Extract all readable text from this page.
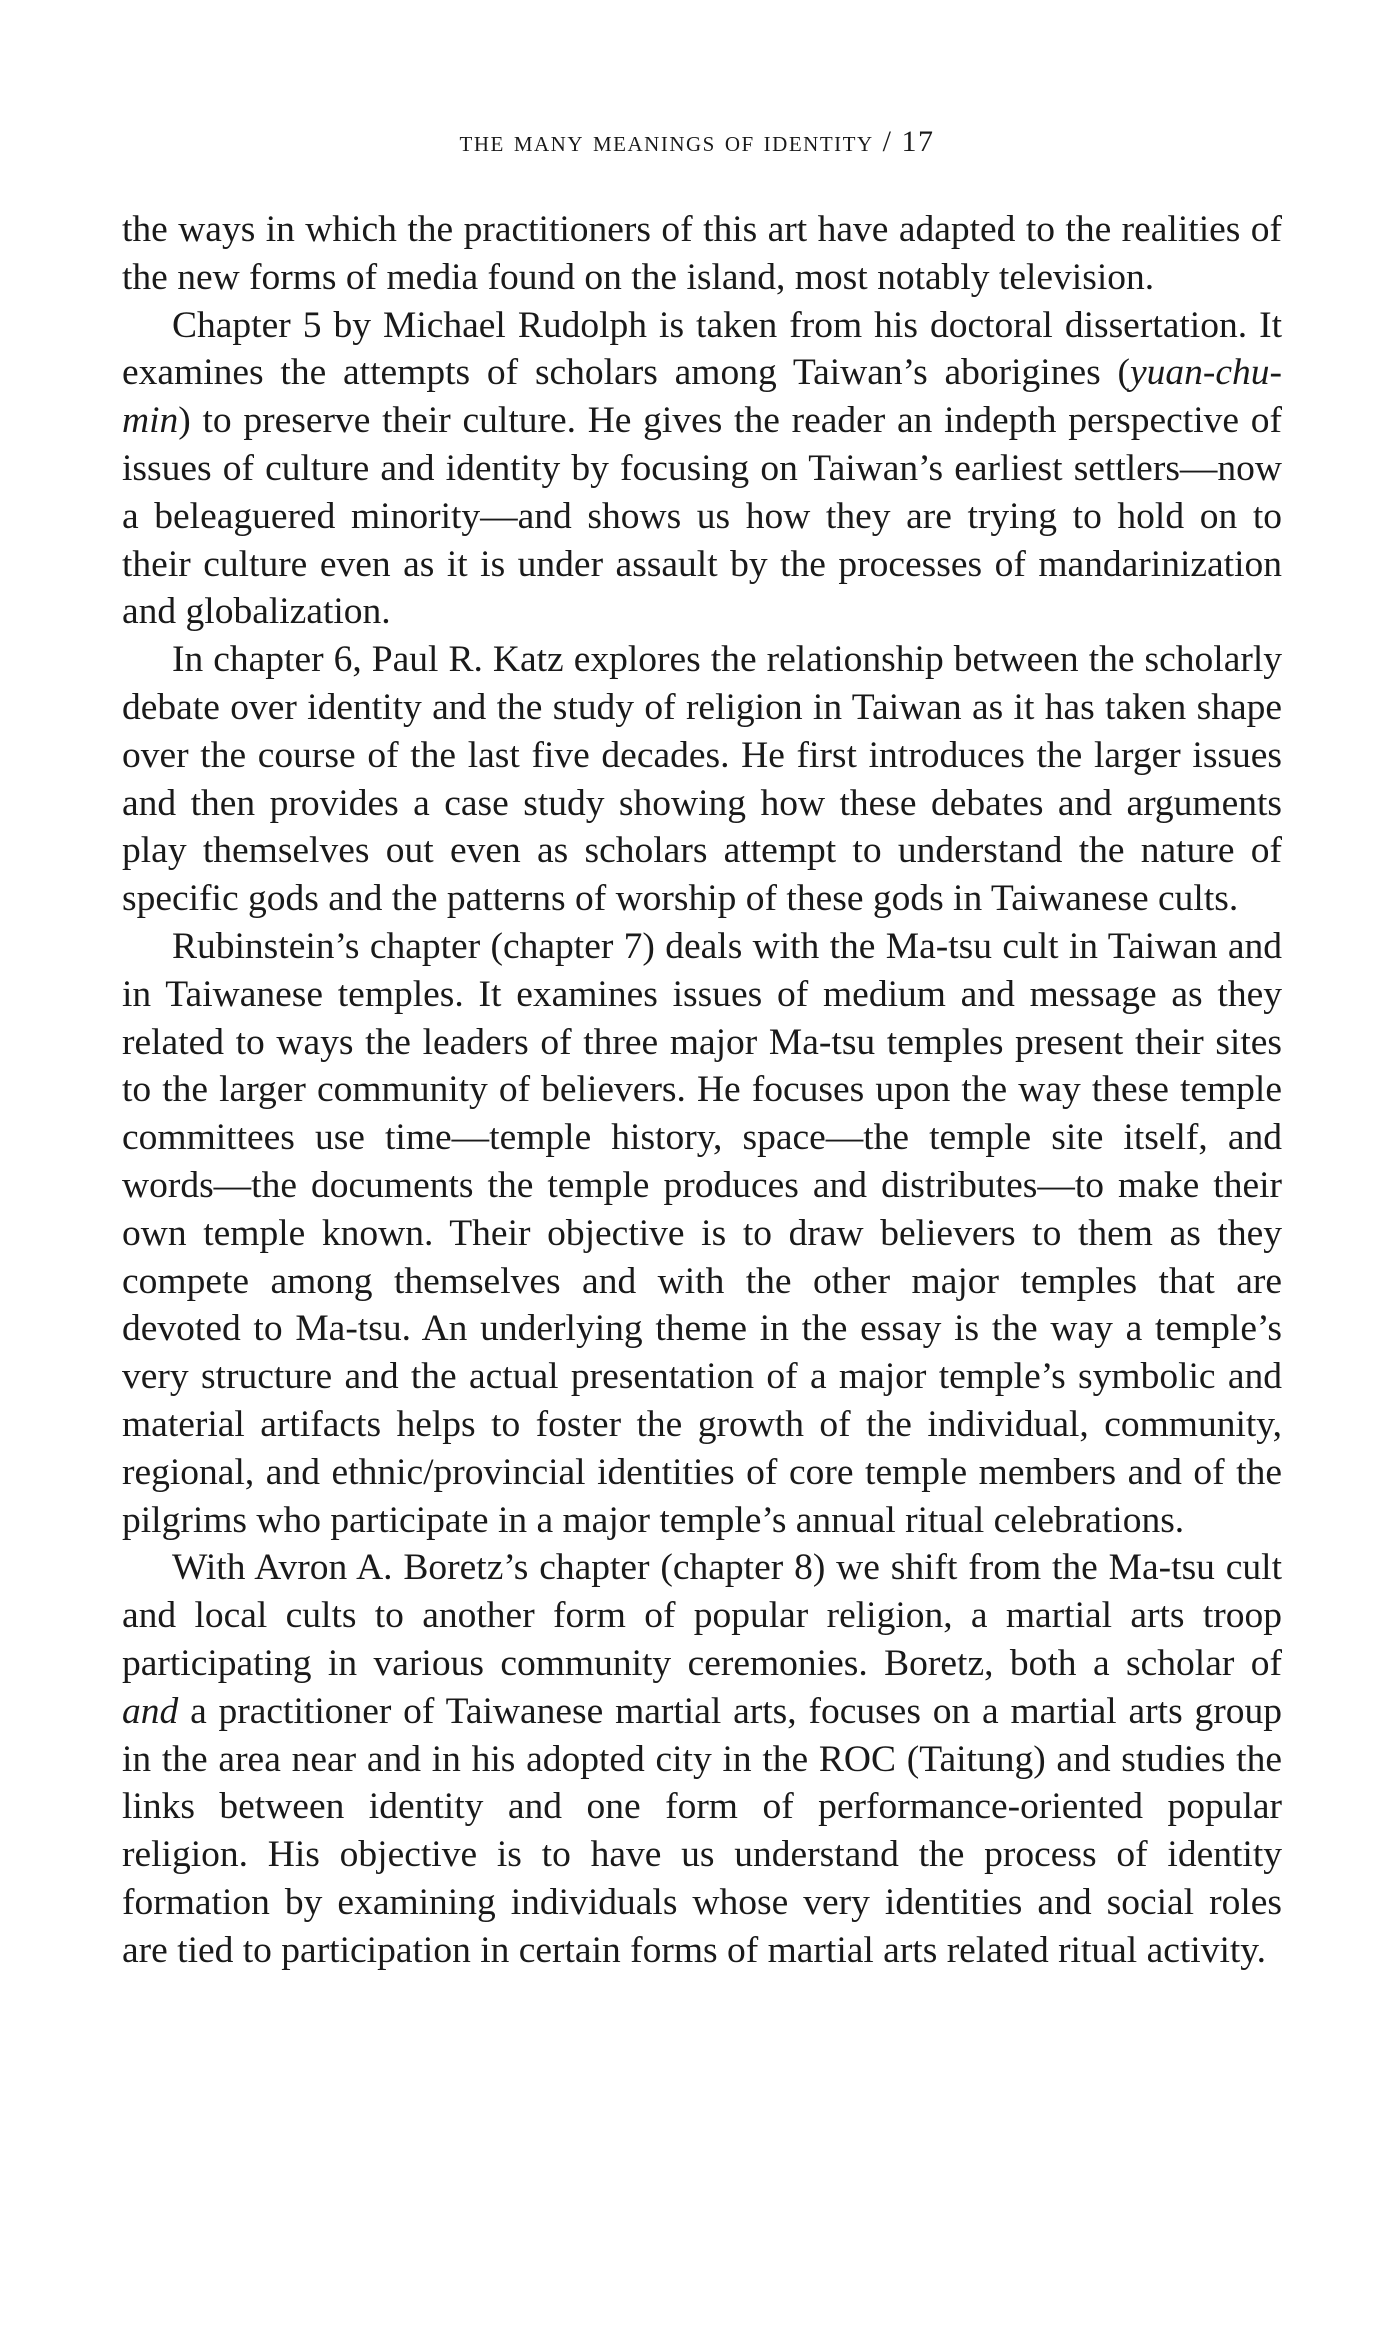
the many meanings of identity / 17

the ways in which the practitioners of this art have adapted to the realities of the new forms of media found on the island, most notably television.

Chapter 5 by Michael Rudolph is taken from his doctoral dissertation. It examines the attempts of scholars among Taiwan’s aborigines (yuan-chu-min) to preserve their culture. He gives the reader an indepth perspective of issues of culture and identity by focusing on Taiwan’s earliest settlers—now a beleaguered minority—and shows us how they are trying to hold on to their culture even as it is under assault by the processes of mandarinization and globalization.

In chapter 6, Paul R. Katz explores the relationship between the scholarly debate over identity and the study of religion in Taiwan as it has taken shape over the course of the last five decades. He first introduces the larger issues and then provides a case study showing how these debates and arguments play themselves out even as scholars attempt to understand the nature of specific gods and the patterns of worship of these gods in Taiwanese cults.

Rubinstein’s chapter (chapter 7) deals with the Ma-tsu cult in Taiwan and in Taiwanese temples. It examines issues of medium and message as they related to ways the leaders of three major Ma-tsu temples present their sites to the larger community of believers. He focuses upon the way these temple committees use time—temple history, space—the temple site itself, and words—the documents the temple produces and distributes—to make their own temple known. Their objective is to draw believers to them as they compete among themselves and with the other major temples that are devoted to Ma-tsu. An underlying theme in the essay is the way a temple’s very structure and the actual presentation of a major temple’s symbolic and material artifacts helps to foster the growth of the individual, community, regional, and ethnic/provincial identities of core temple members and of the pilgrims who participate in a major temple’s annual ritual celebrations.

With Avron A. Boretz’s chapter (chapter 8) we shift from the Ma-tsu cult and local cults to another form of popular religion, a martial arts troop participating in various community ceremonies. Boretz, both a scholar of and a practitioner of Taiwanese martial arts, focuses on a martial arts group in the area near and in his adopted city in the ROC (Taitung) and studies the links between identity and one form of performance-oriented popular religion. His objective is to have us understand the process of identity formation by examining individuals whose very identities and social roles are tied to participation in certain forms of martial arts related ritual activity.
